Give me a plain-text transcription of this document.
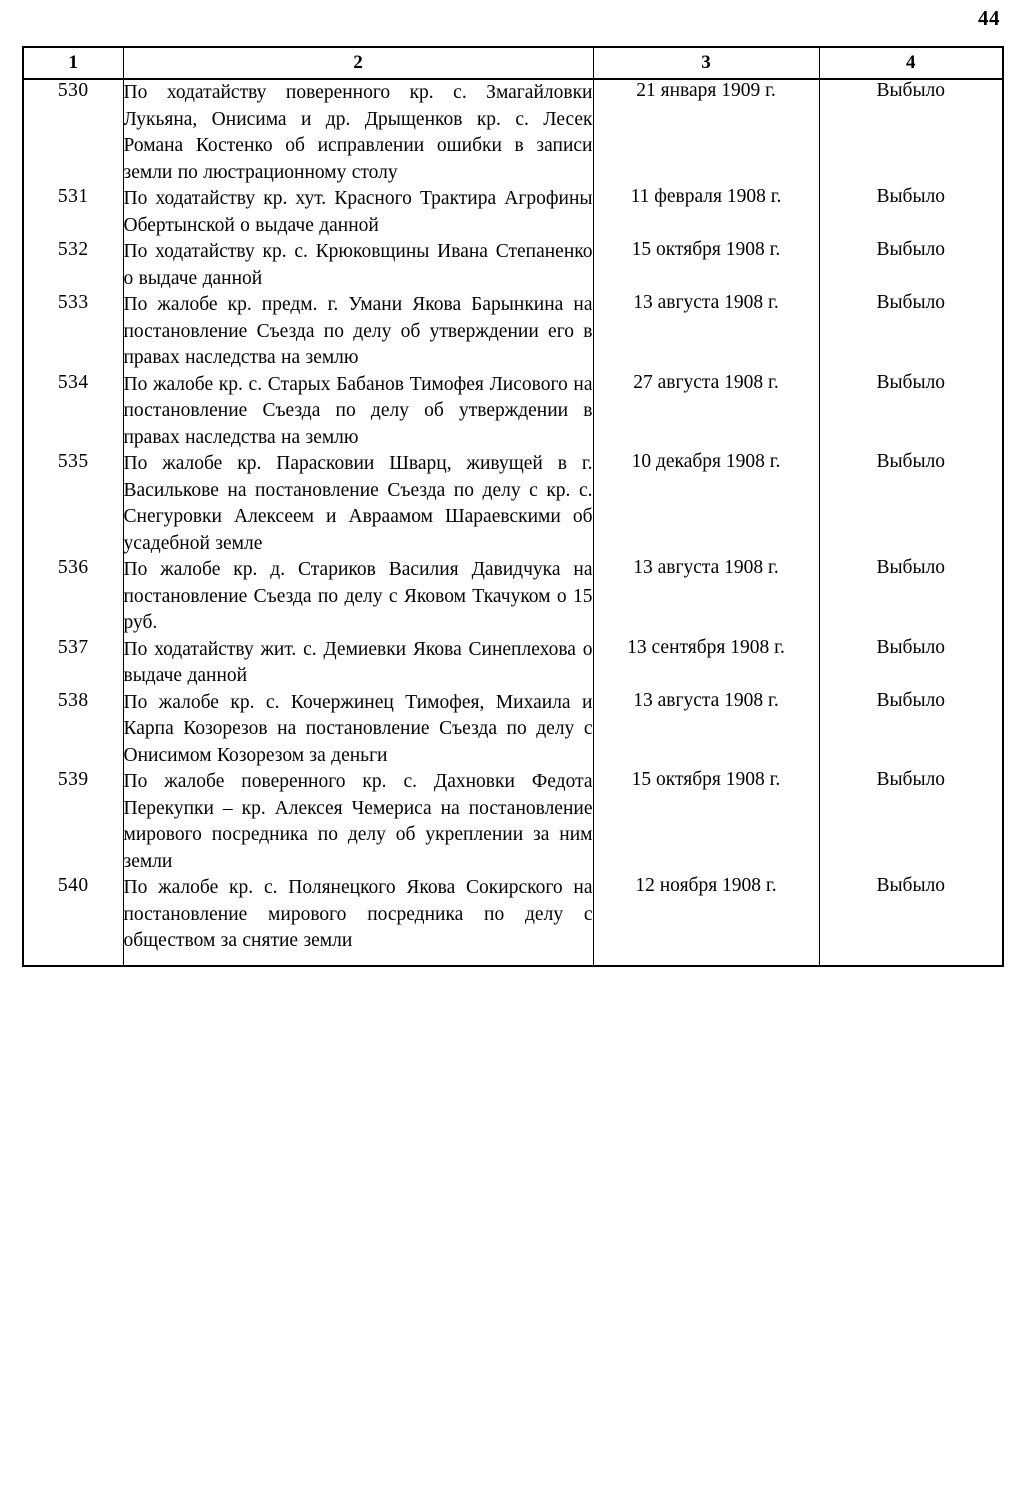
44
1	2	3	4
530	По ходатайству поверенного кр. с. Змагайловки Лукьяна, Онисима и др. Дрыщенков кр. с. Лесек Романа Костенко об исправлении ошибки в записи земли по люстрационному столу	21 января 1909 г.	Выбыло
531	По ходатайству кр. хут. Красного Трактира Агрофины Обертынской о выдаче данной	11 февраля 1908 г.	Выбыло
532	По ходатайству кр. с. Крюковщины Ивана Степаненко о выдаче данной	15 октября 1908 г.	Выбыло
533	По жалобе кр. предм. г. Умани Якова Барынкина на постановление Съезда по делу об утверждении его в правах наследства на землю	13 августа 1908 г.	Выбыло
534	По жалобе кр. с. Старых Бабанов Тимофея Лисового на постановление Съезда по делу об утверждении в правах наследства на землю	27 августа 1908 г.	Выбыло
535	По жалобе кр. Парасковии Шварц, живущей в г. Василькове на постановление Съезда по делу с кр. с. Снегуровки Алексеем и Авраамом Шараевскими об усадебной земле	10 декабря 1908 г.	Выбыло
536	По жалобе кр. д. Стариков Василия Давидчука на постановление Съезда по делу с Яковом Ткачуком о 15 руб.	13 августа 1908 г.	Выбыло
537	По ходатайству жит. с. Демиевки Якова Синеплехова о выдаче данной	13 сентября 1908 г.	Выбыло
538	По жалобе кр. с. Кочержинец Тимофея, Михаила и Карпа Козорезов на постановление Съезда по делу с Онисимом Козорезом за деньги	13 августа 1908 г.	Выбыло
539	По жалобе поверенного кр. с. Дахновки Федота Перекупки – кр. Алексея Чемериса на постановление мирового посредника по делу об укреплении за ним земли	15 октября 1908 г.	Выбыло
540	По жалобе кр. с. Полянецкого Якова Сокирского на постановление мирового посредника по делу с обществом за снятие земли	12 ноября 1908 г.	Выбыло
